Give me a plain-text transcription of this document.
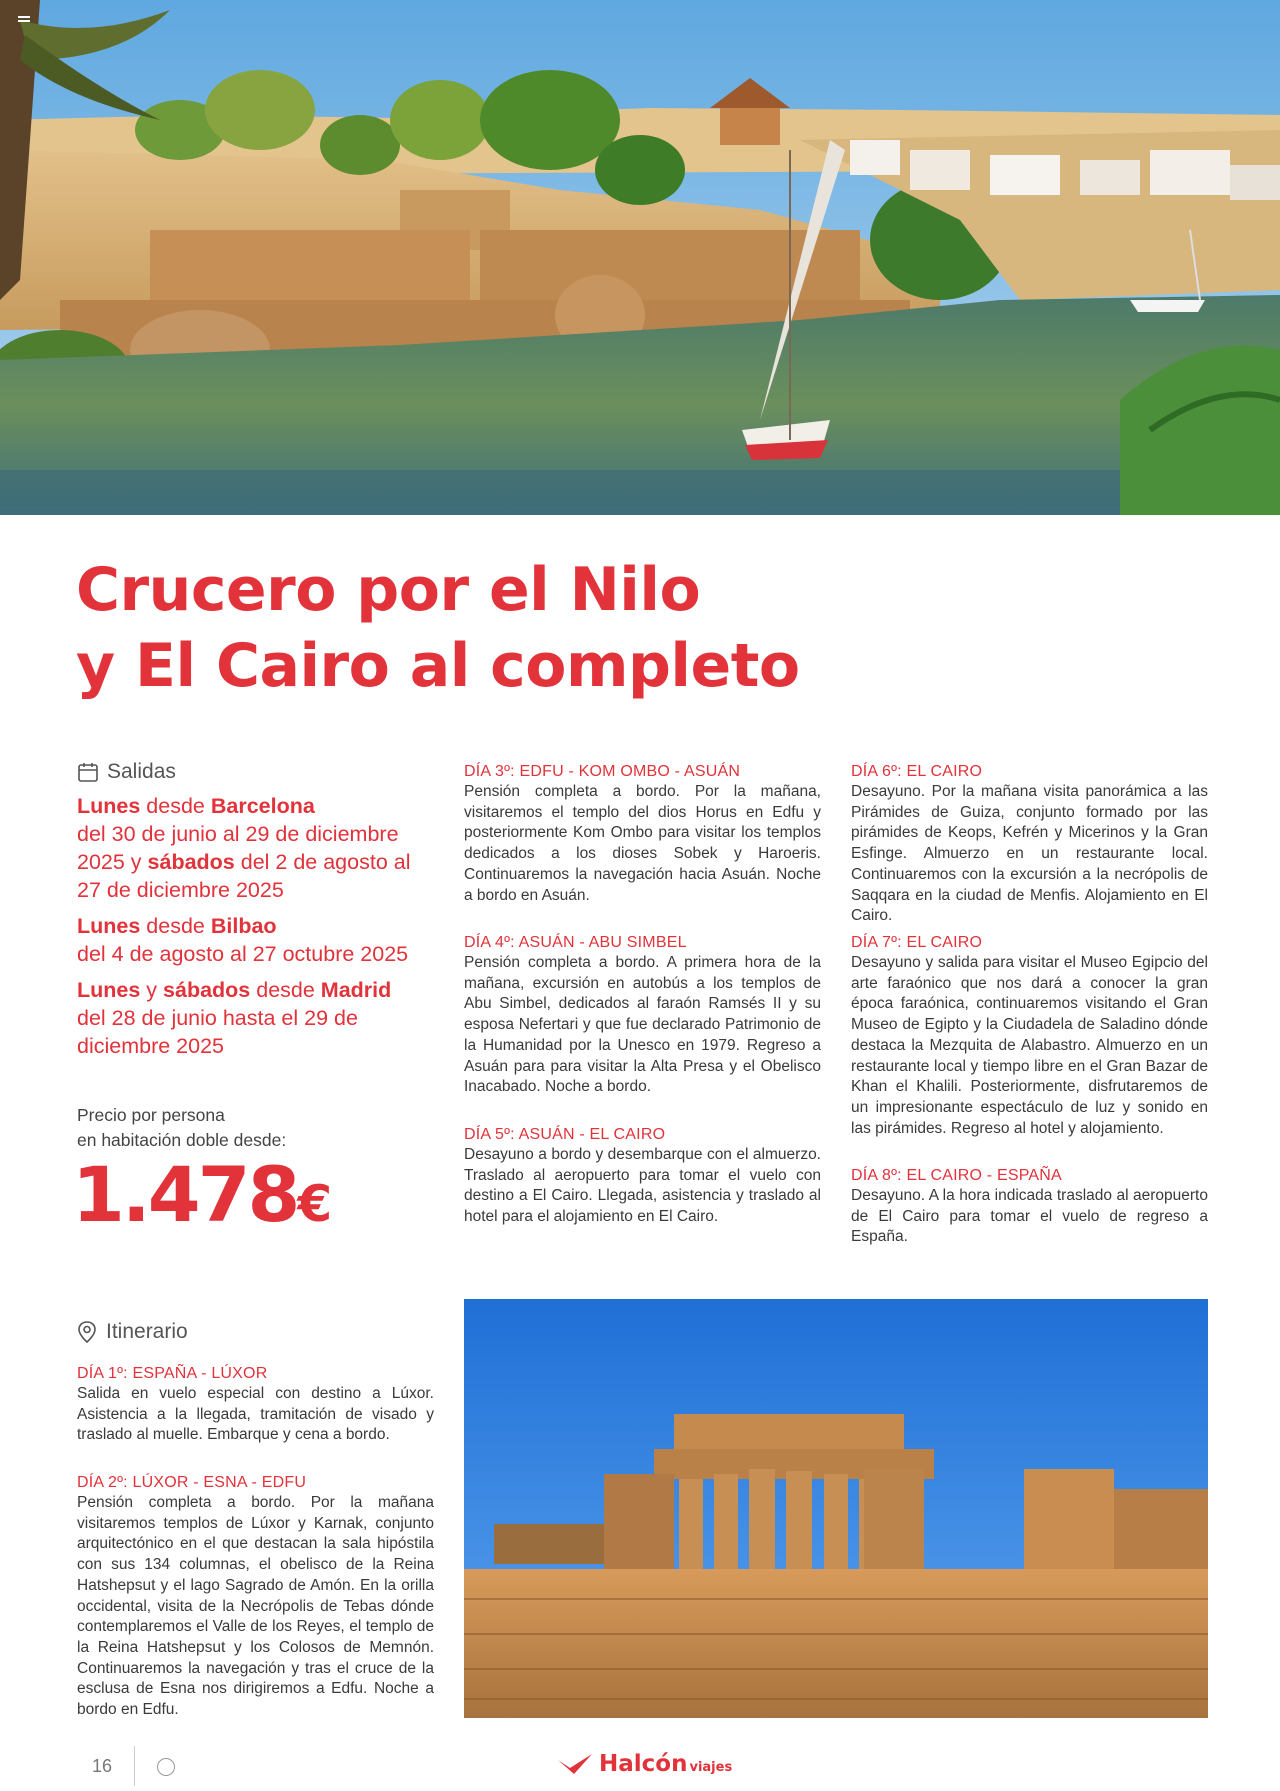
Crucero por el Nilo
y El Cairo al completo
Salidas
Lunes desde Barcelona
del 30 de junio al 29 de diciembre 2025 y sábados del 2 de agosto al 27 de diciembre 2025
Lunes desde Bilbao
del 4 de agosto al 27 octubre 2025
Lunes y sábados desde Madrid
del 28 de junio hasta el 29 de diciembre 2025
Precio por persona
en habitación doble desde:
1.478€
DÍA 3º: EDFU - KOM OMBO - ASUÁN
Pensión completa a bordo. Por la mañana, visitaremos el templo del dios Horus en Edfu y posteriormente Kom Ombo para visitar los templos dedicados a los dioses Sobek y Haroeris. Continuaremos la navegación hacia Asuán. Noche a bordo en Asuán.
DÍA 4º: ASUÁN - ABU SIMBEL
Pensión completa a bordo. A primera hora de la mañana, excursión en autobús a los templos de Abu Simbel, dedicados al faraón Ramsés II y su esposa Nefertari y que fue declarado Patrimonio de la Humanidad por la Unesco en 1979. Regreso a Asuán para para visitar la Alta Presa y el Obelisco Inacabado. Noche a bordo.
DÍA 5º: ASUÁN - EL CAIRO
Desayuno a bordo y desembarque con el almuerzo. Traslado al aeropuerto para tomar el vuelo con destino a El Cairo. Llegada, asistencia y traslado al hotel para el alojamiento en El Cairo.
DÍA 6º: EL CAIRO
Desayuno. Por la mañana visita panorámica a las Pirámides de Guiza, conjunto formado por las pirámides de Keops, Kefrén y Micerinos y la Gran Esfinge. Almuerzo en un restaurante local. Continuaremos con la excursión a la necrópolis de Saqqara en la ciudad de Menfis. Alojamiento en El Cairo.
DÍA 7º: EL CAIRO
Desayuno y salida para visitar el Museo Egipcio del arte faraónico que nos dará a conocer la gran época faraónica, continuaremos visitando el Gran Museo de Egipto y la Ciudadela de Saladino dónde destaca la Mezquita de Alabastro. Almuerzo en un restaurante local y tiempo libre en el Gran Bazar de Khan el Khalili. Posteriormente, disfrutaremos de un impresionante espectáculo de luz y sonido en las pirámides. Regreso al hotel y alojamiento.
DÍA 8º: EL CAIRO - ESPAÑA
Desayuno. A la hora indicada traslado al aeropuerto de El Cairo para tomar el vuelo de regreso a España.
Itinerario
DÍA 1º: ESPAÑA - LÚXOR
Salida en vuelo especial con destino a Lúxor. Asistencia a la llegada, tramitación de visado y traslado al muelle. Embarque y cena a bordo.
DÍA 2º: LÚXOR - ESNA - EDFU
Pensión completa a bordo. Por la mañana visitaremos templos de Lúxor y Karnak, conjunto arquitectónico en el que destacan la sala hipóstila con sus 134 columnas, el obelisco de la Reina Hatshepsut y el lago Sagrado de Amón. En la orilla occidental, visita de la Necrópolis de Tebas dónde contemplaremos el Valle de los Reyes, el templo de la Reina Hatshepsut y los Colosos de Memnón. Continuaremos la navegación y tras el cruce de la esclusa de Esna nos dirigiremos a Edfu. Noche a bordo en Edfu.
16	Halcón viajes
